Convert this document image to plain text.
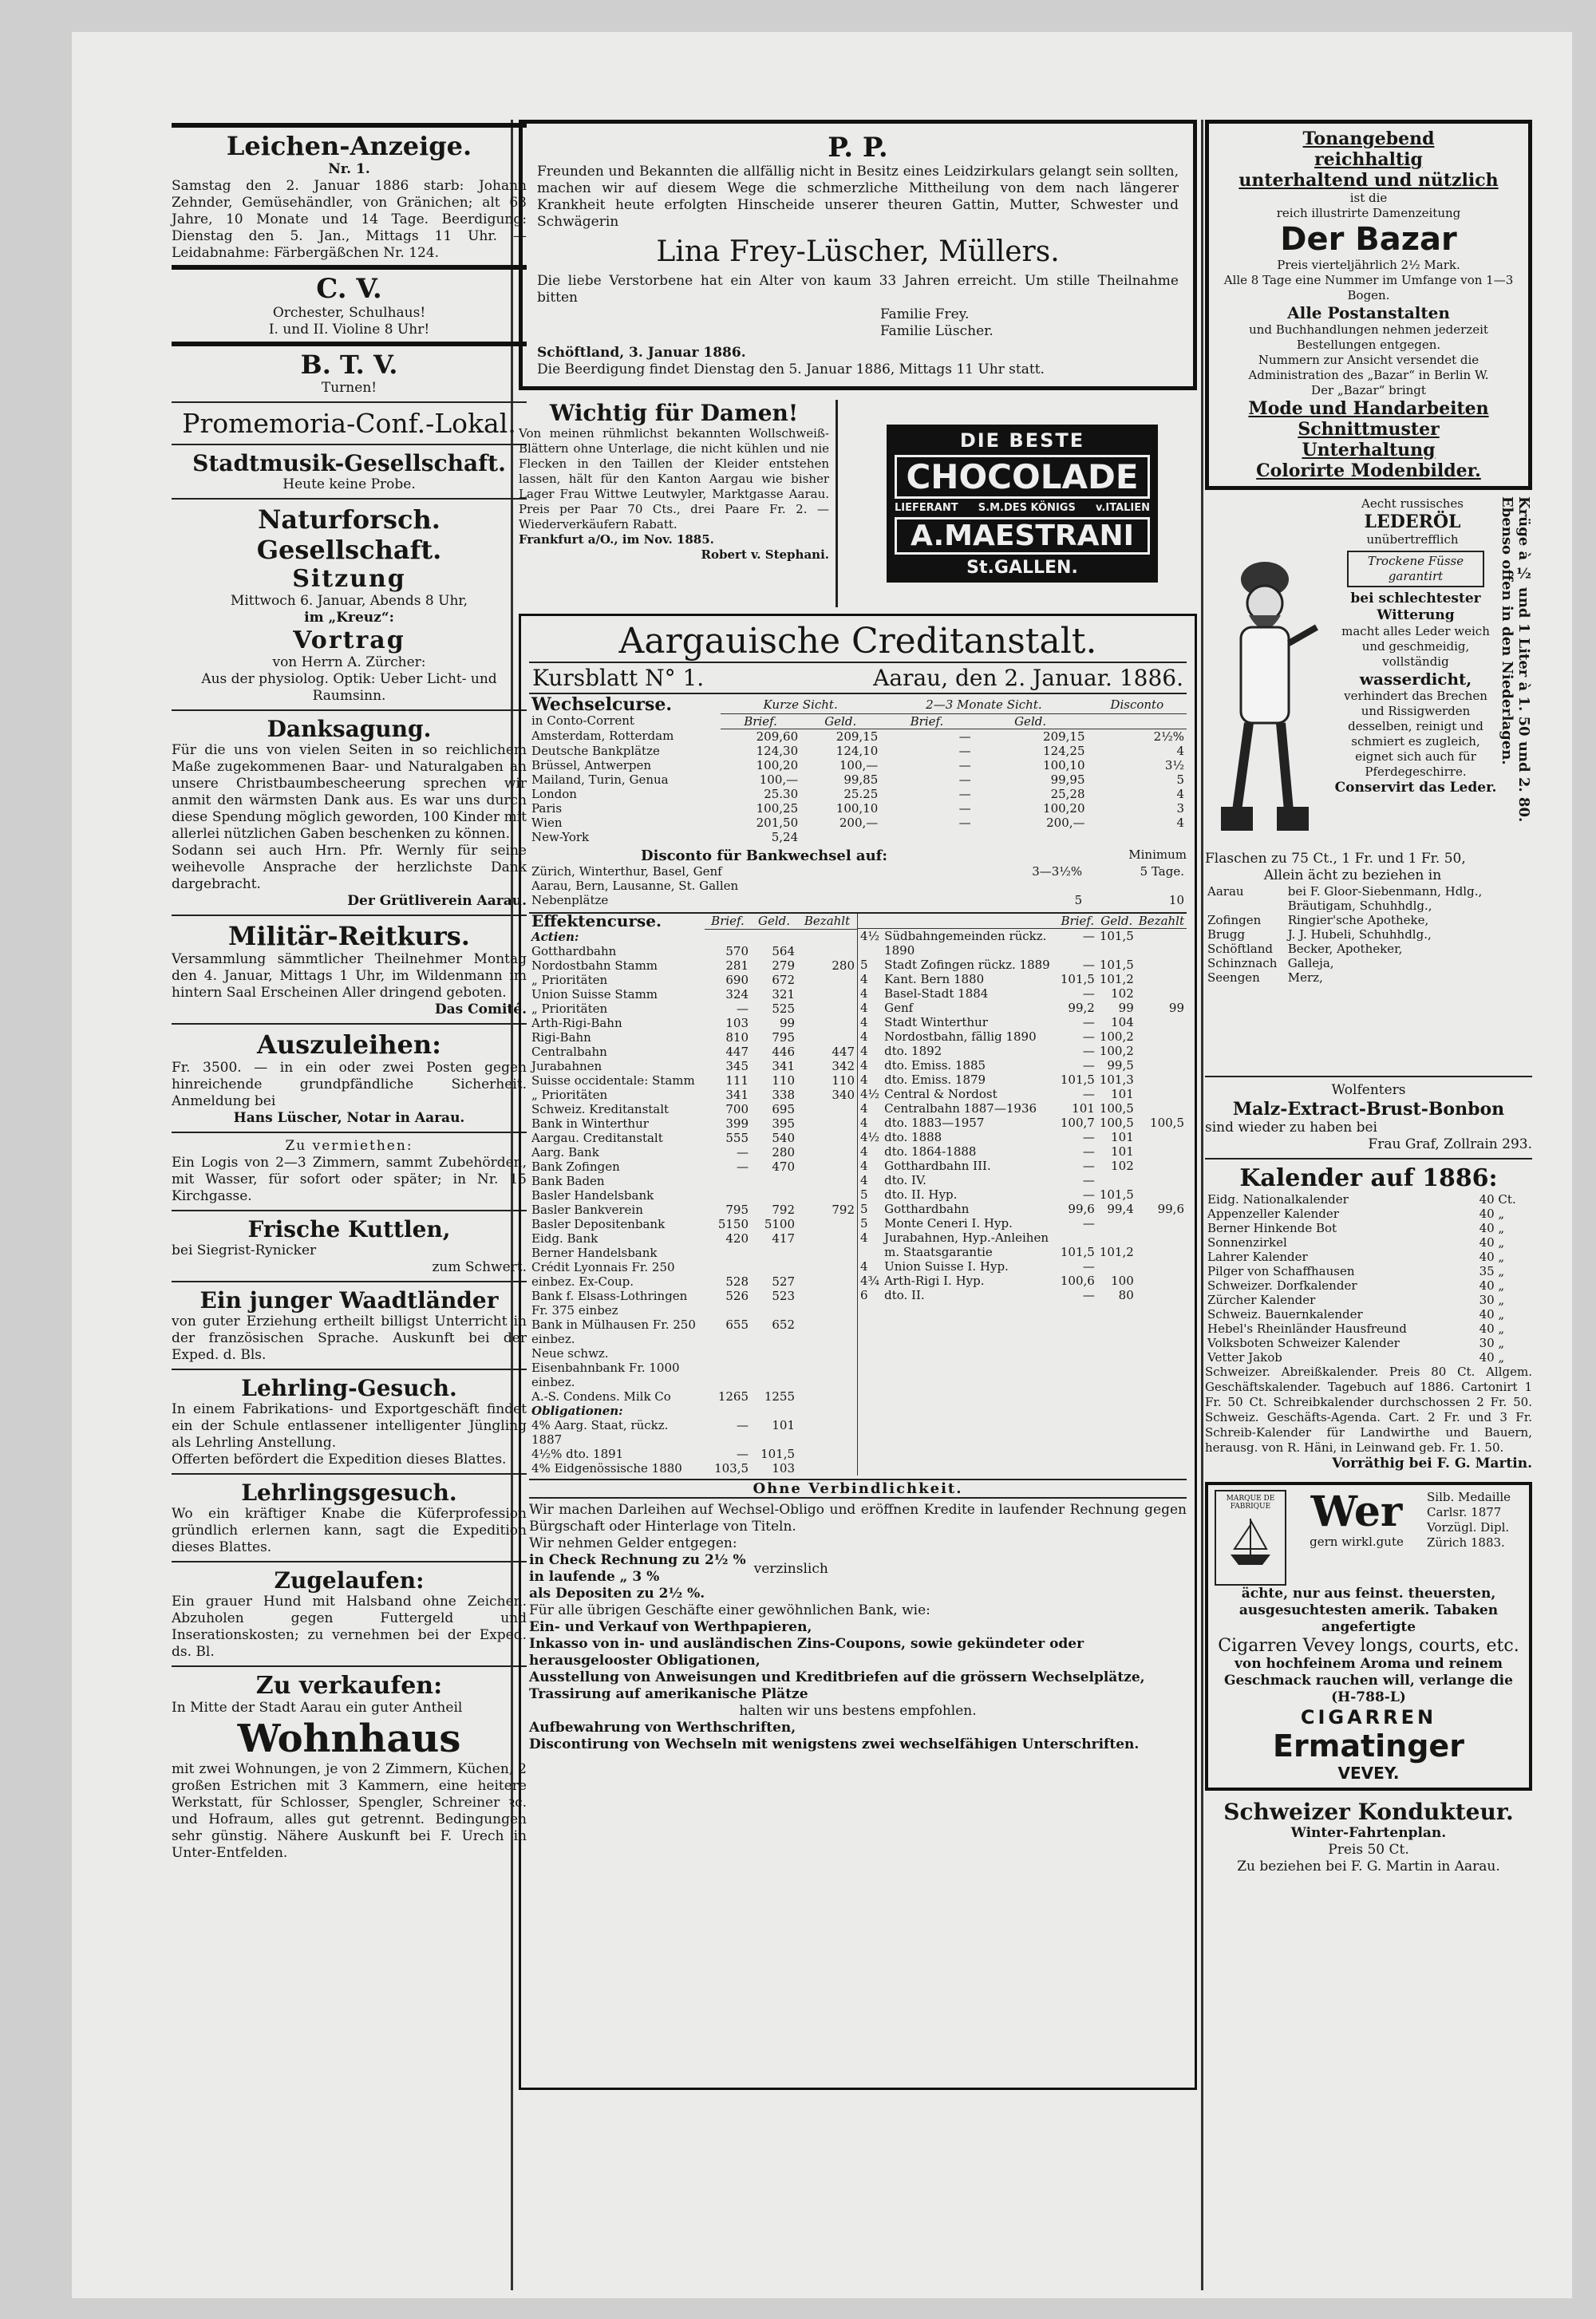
Leichen-Anzeige.
Nr. 1.
Samstag den 2. Januar 1886 starb: Johann Zehnder, Gemüsehändler, von Gränichen; alt 63 Jahre, 10 Monate und 14 Tage. Beerdigung: Dienstag den 5. Jan., Mittags 11 Uhr. — Leidabnahme: Färbergäßchen Nr. 124.
C. V.
Orchester, Schulhaus!
I. und II. Violine 8 Uhr!
B. T. V.
Turnen!
Promemoria-Conf.-Lokal.
Stadtmusik-Gesellschaft.
Heute keine Probe.
Naturforsch. Gesellschaft.
Sitzung
Mittwoch 6. Januar, Abends 8 Uhr,
im „Kreuz“:
Vortrag
von Herrn A. Zürcher:
Aus der physiolog. Optik: Ueber Licht- und Raumsinn.
Danksagung.
Für die uns von vielen Seiten in so reichlichem Maße zugekommenen Baar- und Naturalgaben an unsere Christbaumbescheerung sprechen wir anmit den wärmsten Dank aus. Es war uns durch diese Spendung möglich geworden, 100 Kinder mit allerlei nützlichen Gaben beschenken zu können.
Sodann sei auch Hrn. Pfr. Wernly für seine weihevolle Ansprache der herzlichste Dank dargebracht.
Der Grütliverein Aarau.
Militär-Reitkurs.
Versammlung sämmtlicher Theilnehmer Montag den 4. Januar, Mittags 1 Uhr, im Wildenmann im hintern Saal Erscheinen Aller dringend geboten.
Das Comité.
Auszuleihen:
Fr. 3500. — in ein oder zwei Posten gegen hinreichende grundpfändliche Sicherheit. Anmeldung bei
Hans Lüscher, Notar in Aarau.
Zu vermiethen:
Ein Logis von 2—3 Zimmern, sammt Zubehörden, mit Wasser, für sofort oder später; in Nr. 15 Kirchgasse.
Frische Kuttlen,
bei Siegrist-Rynicker
zum Schwert.
Ein junger Waadtländer
von guter Erziehung ertheilt billigst Unterricht in der französischen Sprache. Auskunft bei der Exped. d. Bls.
Lehrling-Gesuch.
In einem Fabrikations- und Exportgeschäft findet ein der Schule entlassener intelligenter Jüngling als Lehrling Anstellung.
Offerten befördert die Expedition dieses Blattes.
Lehrlingsgesuch.
Wo ein kräftiger Knabe die Küferprofession gründlich erlernen kann, sagt die Expedition dieses Blattes.
Zugelaufen:
Ein grauer Hund mit Halsband ohne Zeichen. Abzuholen gegen Futtergeld und Inserationskosten; zu vernehmen bei der Exped. ds. Bl.
Zu verkaufen:
In Mitte der Stadt Aarau ein guter Antheil
Wohnhaus
mit zwei Wohnungen, je von 2 Zimmern, Küchen, 2 großen Estrichen mit 3 Kammern, eine heitere Werkstatt, für Schlosser, Spengler, Schreiner ꝛc. und Hofraum, alles gut getrennt. Bedingungen sehr günstig. Nähere Auskunft bei F. Urech in Unter-Entfelden.
P. P.
Freunden und Bekannten die allfällig nicht in Besitz eines Leidzirkulars gelangt sein sollten, machen wir auf diesem Wege die schmerzliche Mittheilung von dem nach längerer Krankheit heute erfolgten Hinscheide unserer theuren Gattin, Mutter, Schwester und Schwägerin
Lina Frey-Lüscher, Müllers.
Die liebe Verstorbene hat ein Alter von kaum 33 Jahren erreicht. Um stille Theilnahme bitten
Familie Frey.
Familie Lüscher.
Schöftland, 3. Januar 1886.
Die Beerdigung findet Dienstag den 5. Januar 1886, Mittags 11 Uhr statt.
Wichtig für Damen!
Von meinen rühmlichst bekannten Wollschweiß-Blättern ohne Unterlage, die nicht kühlen und nie Flecken in den Taillen der Kleider entstehen lassen, hält für den Kanton Aargau wie bisher Lager Frau Wittwe Leutwyler, Marktgasse Aarau. Preis per Paar 70 Cts., drei Paare Fr. 2. — Wiederverkäufern Rabatt.
Frankfurt a/O., im Nov. 1885.
Robert v. Stephani.
DIE BESTE
CHOCOLADE
LIEFERANT S.M.DES KÖNIGS v.ITALIEN
A.MAESTRANI
St.GALLEN.
Aargauische Creditanstalt.
Kursblatt N° 1.	Aarau, den 2. Januar. 1886.
Wechselcurse.	Kurze Sicht.		2—3 Monate Sicht.		Disconto
in Conto-Corrent	Brief.	Geld.	Brief.	Geld.	
Amsterdam, Rotterdam	209,60	209,15	—	209,15	2½%
Deutsche Bankplätze	124,30	124,10	—	124,25	4
Brüssel, Antwerpen	100,20	100,—	—	100,10	3½
Mailand, Turin, Genua	100,—	99,85	—	99,95	5
London	25.30	25.25	—	25,28	4
Paris	100,25	100,10	—	100,20	3
Wien	201,50	200,—	—	200,—	4
New-York	5,24				
Disconto für Bankwechsel auf:	Minimum
Zürich, Winterthur, Basel, Genf	3—3½%	5 Tage.
Aarau, Bern, Lausanne, St. Gallen		
Nebenplätze	5	10
Effektencurse.	Brief.	Geld.	Bezahlt
Actien:			
Gotthardbahn	570	564	
Nordostbahn Stamm	281	279	280
„ Prioritäten	690	672	
Union Suisse Stamm	324	321	
„ Prioritäten	—	525	
Arth-Rigi-Bahn	103	99	
Rigi-Bahn	810	795	
Centralbahn	447	446	447
Jurabahnen	345	341	342
Suisse occidentale: Stamm	111	110	110
„ Prioritäten	341	338	340
Schweiz. Kreditanstalt	700	695	
Bank in Winterthur	399	395	
Aargau. Creditanstalt	555	540	
Aarg. Bank	—	280	
Bank Zofingen	—	470	
Bank Baden			
Basler Handelsbank			
Basler Bankverein	795	792	792
Basler Depositenbank	5150	5100	
Eidg. Bank	420	417	
Berner Handelsbank			
Crédit Lyonnais Fr. 250			
einbez. Ex-Coup.	528	527	
Bank f. Elsass-Lothringen Fr. 375 einbez	526	523	
Bank in Mülhausen Fr. 250 einbez.	655	652	
Neue schwz. Eisenbahnbank Fr. 1000 einbez.			
A.-S. Condens. Milk Co	1265	1255	
Obligationen:			
4% Aarg. Staat, rückz. 1887	—	101	
4½% dto. 1891	—	101,5	
4% Eidgenössische 1880	103,5	103	
		Brief.	Geld.	Bezahlt
4½	Südbahngemeinden rückz. 1890	—	101,5	
5	Stadt Zofingen rückz. 1889	—	101,5	
4	Kant. Bern 1880	101,5	101,2	
4	Basel-Stadt 1884	—	102	
4	Genf	99,2	99	99
4	Stadt Winterthur	—	104	
4	Nordostbahn, fällig 1890	—	100,2	
4	dto. 1892	—	100,2	
4	dto. Emiss. 1885	—	99,5	
4	dto. Emiss. 1879	101,5	101,3	
4½	Central & Nordost	—	101	
4	Centralbahn 1887—1936	101	100,5	
4	dto. 1883—1957	100,7	100,5	100,5
4½	dto. 1888	—	101	
4	dto. 1864-1888	—	101	
4	Gotthardbahn III.	—	102	
4	dto. IV.	—		
5	dto. II. Hyp.	—	101,5	
5	Gotthardbahn	99,6	99,4	99,6
5	Monte Ceneri I. Hyp.	—		
4	Jurabahnen, Hyp.-Anleihen			
	m. Staatsgarantie	101,5	101,2	
4	Union Suisse I. Hyp.	—		
4¾	Arth-Rigi I. Hyp.	100,6	100	
6	dto. II.	—	80	
Ohne Verbindlichkeit.
Wir machen Darleihen auf Wechsel-Obligo und eröffnen Kredite in laufender Rechnung gegen Bürgschaft oder Hinterlage von Titeln.
Wir nehmen Gelder entgegen:
in Check Rechnung zu 2½ %
in laufende „ 3 %
verzinslich
als Depositen zu 2½ %.
Für alle übrigen Geschäfte einer gewöhnlichen Bank, wie:
Ein- und Verkauf von Werthpapieren,
Inkasso von in- und ausländischen Zins-Coupons, sowie gekündeter oder herausgelooster Obligationen,
Ausstellung von Anweisungen und Kreditbriefen auf die grössern Wechselplätze,
Trassirung auf amerikanische Plätze
halten wir uns bestens empfohlen.
Aufbewahrung von Werthschriften,
Discontirung von Wechseln mit wenigstens zwei wechselfähigen Unterschriften.
Tonangebend
reichhaltig
unterhaltend und nützlich
ist die
reich illustrirte Damenzeitung
Der Bazar
Preis vierteljährlich 2½ Mark.
Alle 8 Tage eine Nummer im Umfange von 1—3 Bogen.
Alle Postanstalten
und Buchhandlungen nehmen jederzeit Bestellungen entgegen.
Nummern zur Ansicht versendet die Administration des „Bazar“ in Berlin W.
Der „Bazar“ bringt
Mode und Handarbeiten
Schnittmuster
Unterhaltung
Colorirte Modenbilder.
Krüge à ½ und 1 Liter à 1. 50 und 2. 80. Ebenso offen in den Niederlagen.
Aecht russisches
LEDERÖL
unübertrefflich
Trockene Füsse garantirt
bei schlechtester Witterung
macht alles Leder weich und geschmeidig, vollständig
wasserdicht,
verhindert das Brechen und Rissigwerden desselben, reinigt und schmiert es zugleich, eignet sich auch für Pferdegeschirre.
Conservirt das Leder.
Flaschen zu 75 Ct., 1 Fr. und 1 Fr. 50,
Allein ächt zu beziehen in
Aarau	bei F. Gloor-Siebenmann, Hdlg.,
	Bräutigam, Schuhhdlg.,
Zofingen	Ringier'sche Apotheke,
Brugg	J. J. Hubeli, Schuhhdlg.,
Schöftland	Becker, Apotheker,
Schinznach	Galleja,
Seengen	Merz,
Wolfenters
Malz-Extract-Brust-Bonbon
sind wieder zu haben bei
Frau Graf, Zollrain 293.
Kalender auf 1886:
Eidg. Nationalkalender	40 Ct.
Appenzeller Kalender	40 „
Berner Hinkende Bot	40 „
Sonnenzirkel	40 „
Lahrer Kalender	40 „
Pilger von Schaffhausen	35 „
Schweizer. Dorfkalender	40 „
Zürcher Kalender	30 „
Schweiz. Bauernkalender	40 „
Hebel's Rheinländer Hausfreund	40 „
Volksboten Schweizer Kalender	30 „
Vetter Jakob	40 „
Schweizer. Abreißkalender. Preis 80 Ct. Allgem. Geschäftskalender. Tagebuch auf 1886. Cartonirt 1 Fr. 50 Ct. Schreibkalender durchschossen 2 Fr. 50. Schweiz. Geschäfts-Agenda. Cart. 2 Fr. und 3 Fr. Schreib-Kalender für Landwirthe und Bauern, herausg. von R. Häni, in Leinwand geb. Fr. 1. 50.
Vorräthig bei F. G. Martin.
MARQUE DE FABRIQUE Wer
gern wirkl.gute
Silb. Medaille Carlsr. 1877 Vorzügl. Dipl. Zürich 1883.
ächte, nur aus feinst. theuersten, ausgesuchtesten amerik. Tabaken angefertigte
Cigarren Vevey longs, courts, etc.
von hochfeinem Aroma und reinem Geschmack rauchen will, verlange die (H-788-L)
CIGARREN
Ermatinger
VEVEY.
Schweizer Kondukteur.
Winter-Fahrtenplan.
Preis 50 Ct.
Zu beziehen bei F. G. Martin in Aarau.
